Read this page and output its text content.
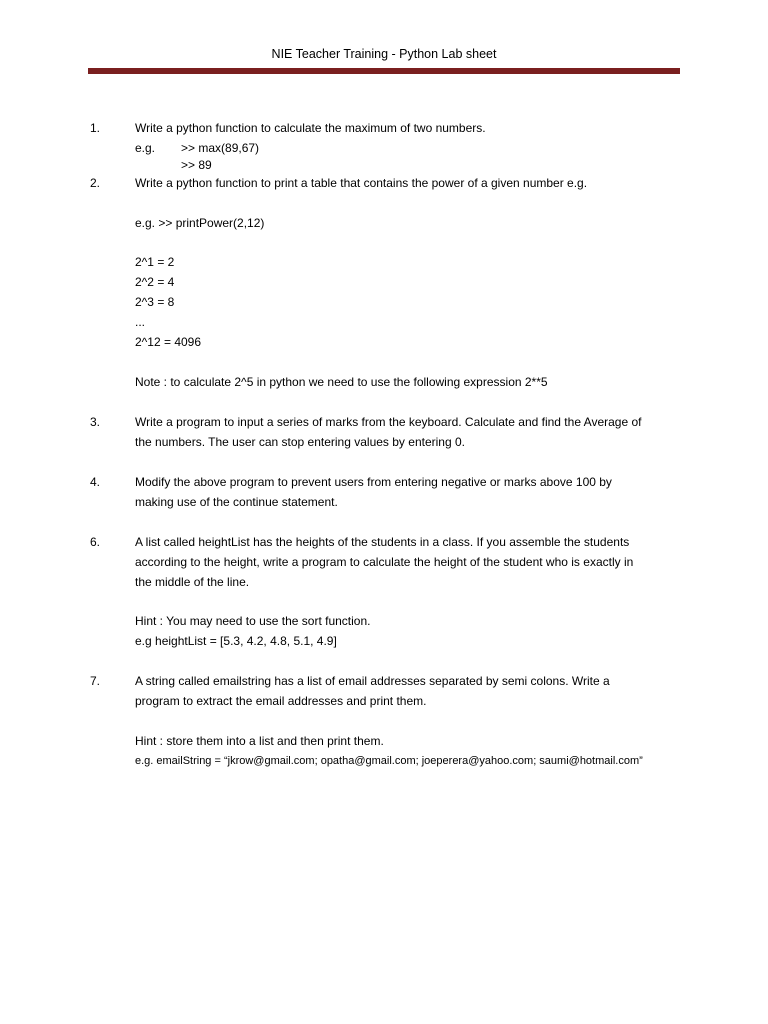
NIE Teacher Training - Python Lab sheet
1.	Write a python function to calculate the maximum of two numbers.
e.g. >> max(89,67)
>> 89
2.	Write a python function to print a table that contains the power of a given number e.g.
e.g. >> printPower(2,12)
2^1 = 2
2^2 = 4
2^3 = 8
...
2^12 = 4096
Note : to calculate 2^5 in python we need to use the following expression 2**5
3.	Write a program to input a series of marks from the keyboard. Calculate and find the Average of
the numbers. The user can stop entering values by entering 0.
4.	Modify the above program to prevent users from entering negative or marks above 100 by
making use of the continue statement.
6.	A list called heightList has the heights of the students in a class. If you assemble the students
according to the height, write a program to calculate the height of the student who is exactly in
the middle of the line.
Hint : You may need to use the sort function.
e.g heightList = [5.3, 4.2, 4.8, 5.1, 4.9]
7.	A string called emailstring has a list of email addresses separated by semi colons. Write a
program to extract the email addresses and print them.
Hint : store them into a list and then print them.
e.g. emailString = “jkrow@gmail.com; opatha@gmail.com; joeperera@yahoo.com; saumi@hotmail.com”
